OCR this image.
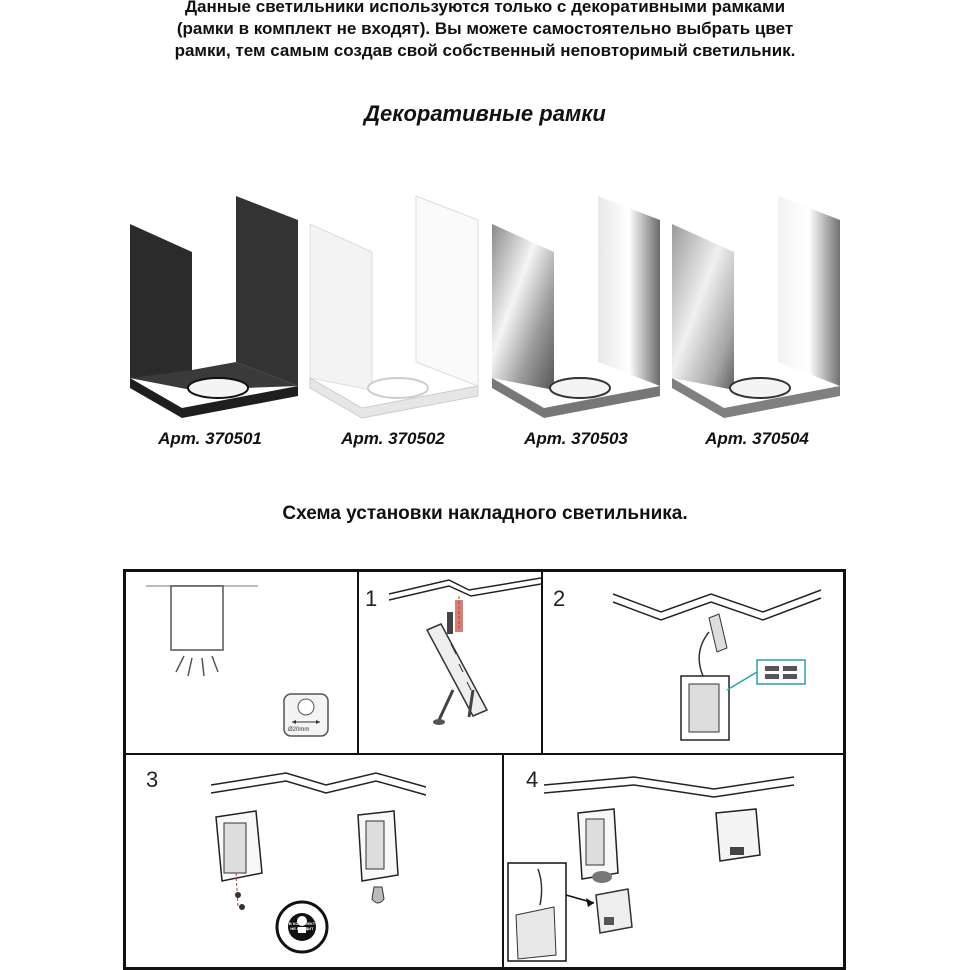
Данные светильники используются только с декоративными рамками
(рамки в комплект не входят). Вы можете самостоятельно выбрать цвет
рамки, тем самым создав свой собственный неповторимый светильник.
Декоративные рамки
Арт. 370501	Арт. 370502	Арт. 370503	Арт. 370504
Схема установки накладного светильника.
Ø20mm
1	2
3
В КОМПЛЕКТ НЕ ВХОДИТ
4
